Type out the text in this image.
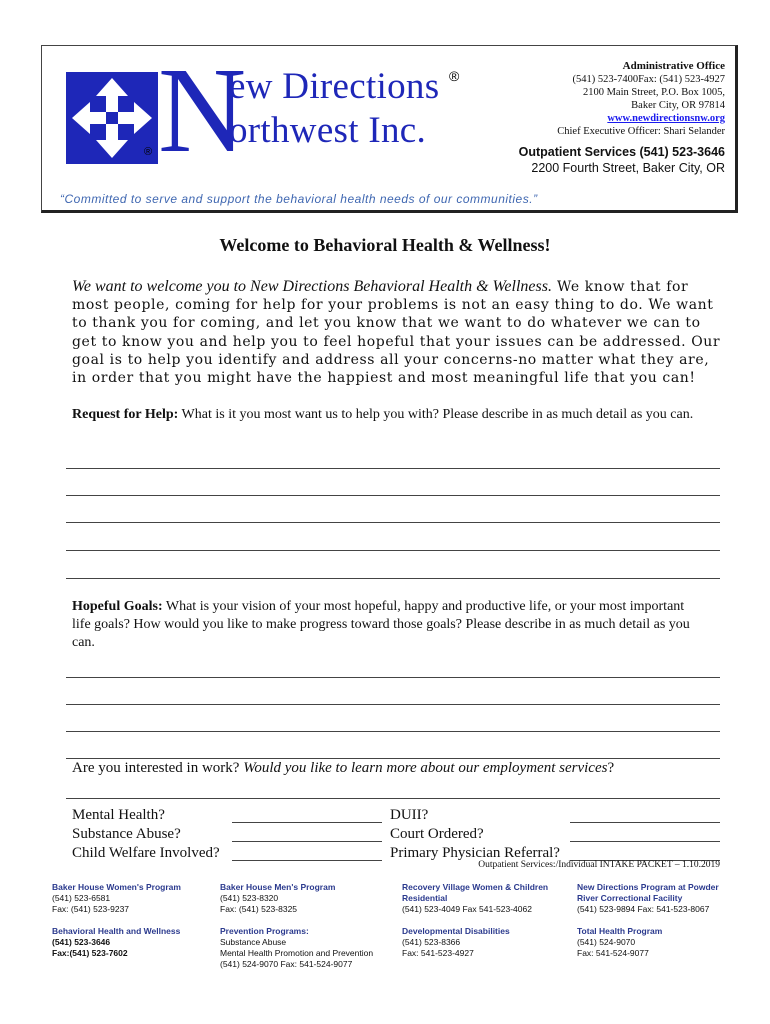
® N
ew Directions
orthwest Inc.
®
Administrative Office
(541) 523-7400Fax: (541) 523-4927
2100 Main Street, P.O. Box 1005,
Baker City, OR 97814
www.newdirectionsnw.org
Chief Executive Officer: Shari Selander
Outpatient Services (541) 523-3646
2200 Fourth Street, Baker City, OR
“Committed to serve and support the behavioral health needs of our communities.”
Welcome to Behavioral Health & Wellness!
We want to welcome you to New Directions Behavioral Health & Wellness. We know that for most people, coming for help for your problems is not an easy thing to do. We want to thank you for coming, and let you know that we want to do whatever we can to get to know you and help you to feel hopeful that your issues can be addressed. Our goal is to help you identify and address all your concerns-no matter what they are, in order that you might have the happiest and most meaningful life that you can!
Request for Help: What is it you most want us to help you with? Please describe in as much detail as you can.
Hopeful Goals: What is your vision of your most hopeful, happy and productive life, or your most important life goals? How would you like to make progress toward those goals? Please describe in as much detail as you can.
Are you interested in work? Would you like to learn more about our employment services?
Mental Health?
Substance Abuse?
Child Welfare Involved?
DUII?
Court Ordered?
Primary Physician Referral?
Outpatient Services:/Individual INTAKE PACKET – 1.10.2019
Baker House Women's Program
(541) 523-6581
Fax: (541) 523-9237
Baker House Men's Program
(541) 523-8320
Fax: (541) 523-8325
Recovery Village Women & Children Residential
(541) 523-4049 Fax 541-523-4062
New Directions Program at Powder River Correctional Facility
(541) 523-9894 Fax: 541-523-8067
Behavioral Health and Wellness
(541) 523-3646
Fax:(541) 523-7602
Prevention Programs:
Substance Abuse
Mental Health Promotion and Prevention
(541) 524-9070 Fax: 541-524-9077
Developmental Disabilities
(541) 523-8366
Fax: 541-523-4927
Total Health Program
(541) 524-9070
Fax: 541-524-9077
